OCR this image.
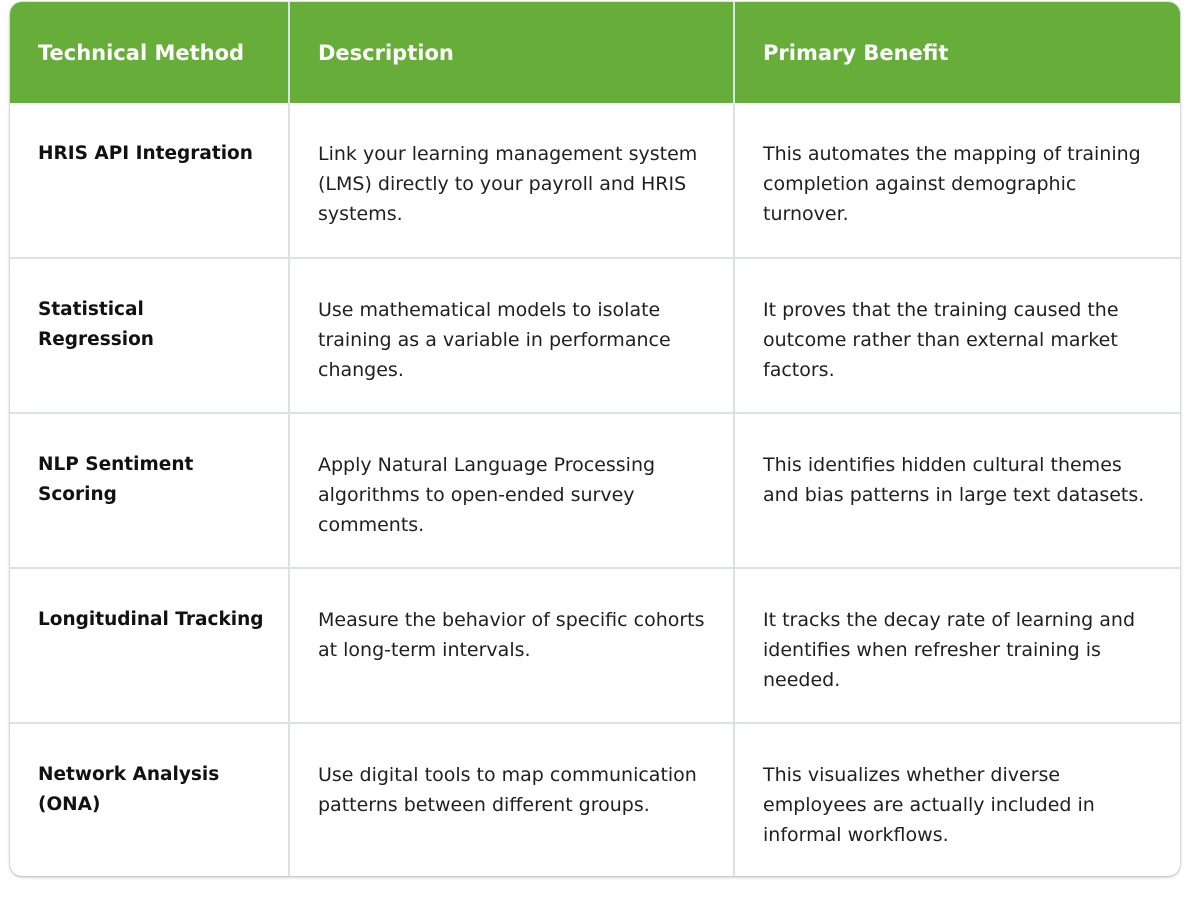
Technical Method	Description	Primary Benefit
HRIS API Integration	Link your learning management system (LMS) directly to your payroll and HRIS systems.	This automates the mapping of training completion against demographic turnover.
Statistical Regression	Use mathematical models to isolate training as a variable in performance changes.	It proves that the training caused the outcome rather than external market factors.
NLP Sentiment Scoring	Apply Natural Language Processing algorithms to open-ended survey comments.	This identifies hidden cultural themes and bias patterns in large text datasets.
Longitudinal Tracking	Measure the behavior of specific cohorts at long-term intervals.	It tracks the decay rate of learning and identifies when refresher training is needed.
Network Analysis (ONA)	Use digital tools to map communication patterns between different groups.	This visualizes whether diverse employees are actually included in informal workflows.
